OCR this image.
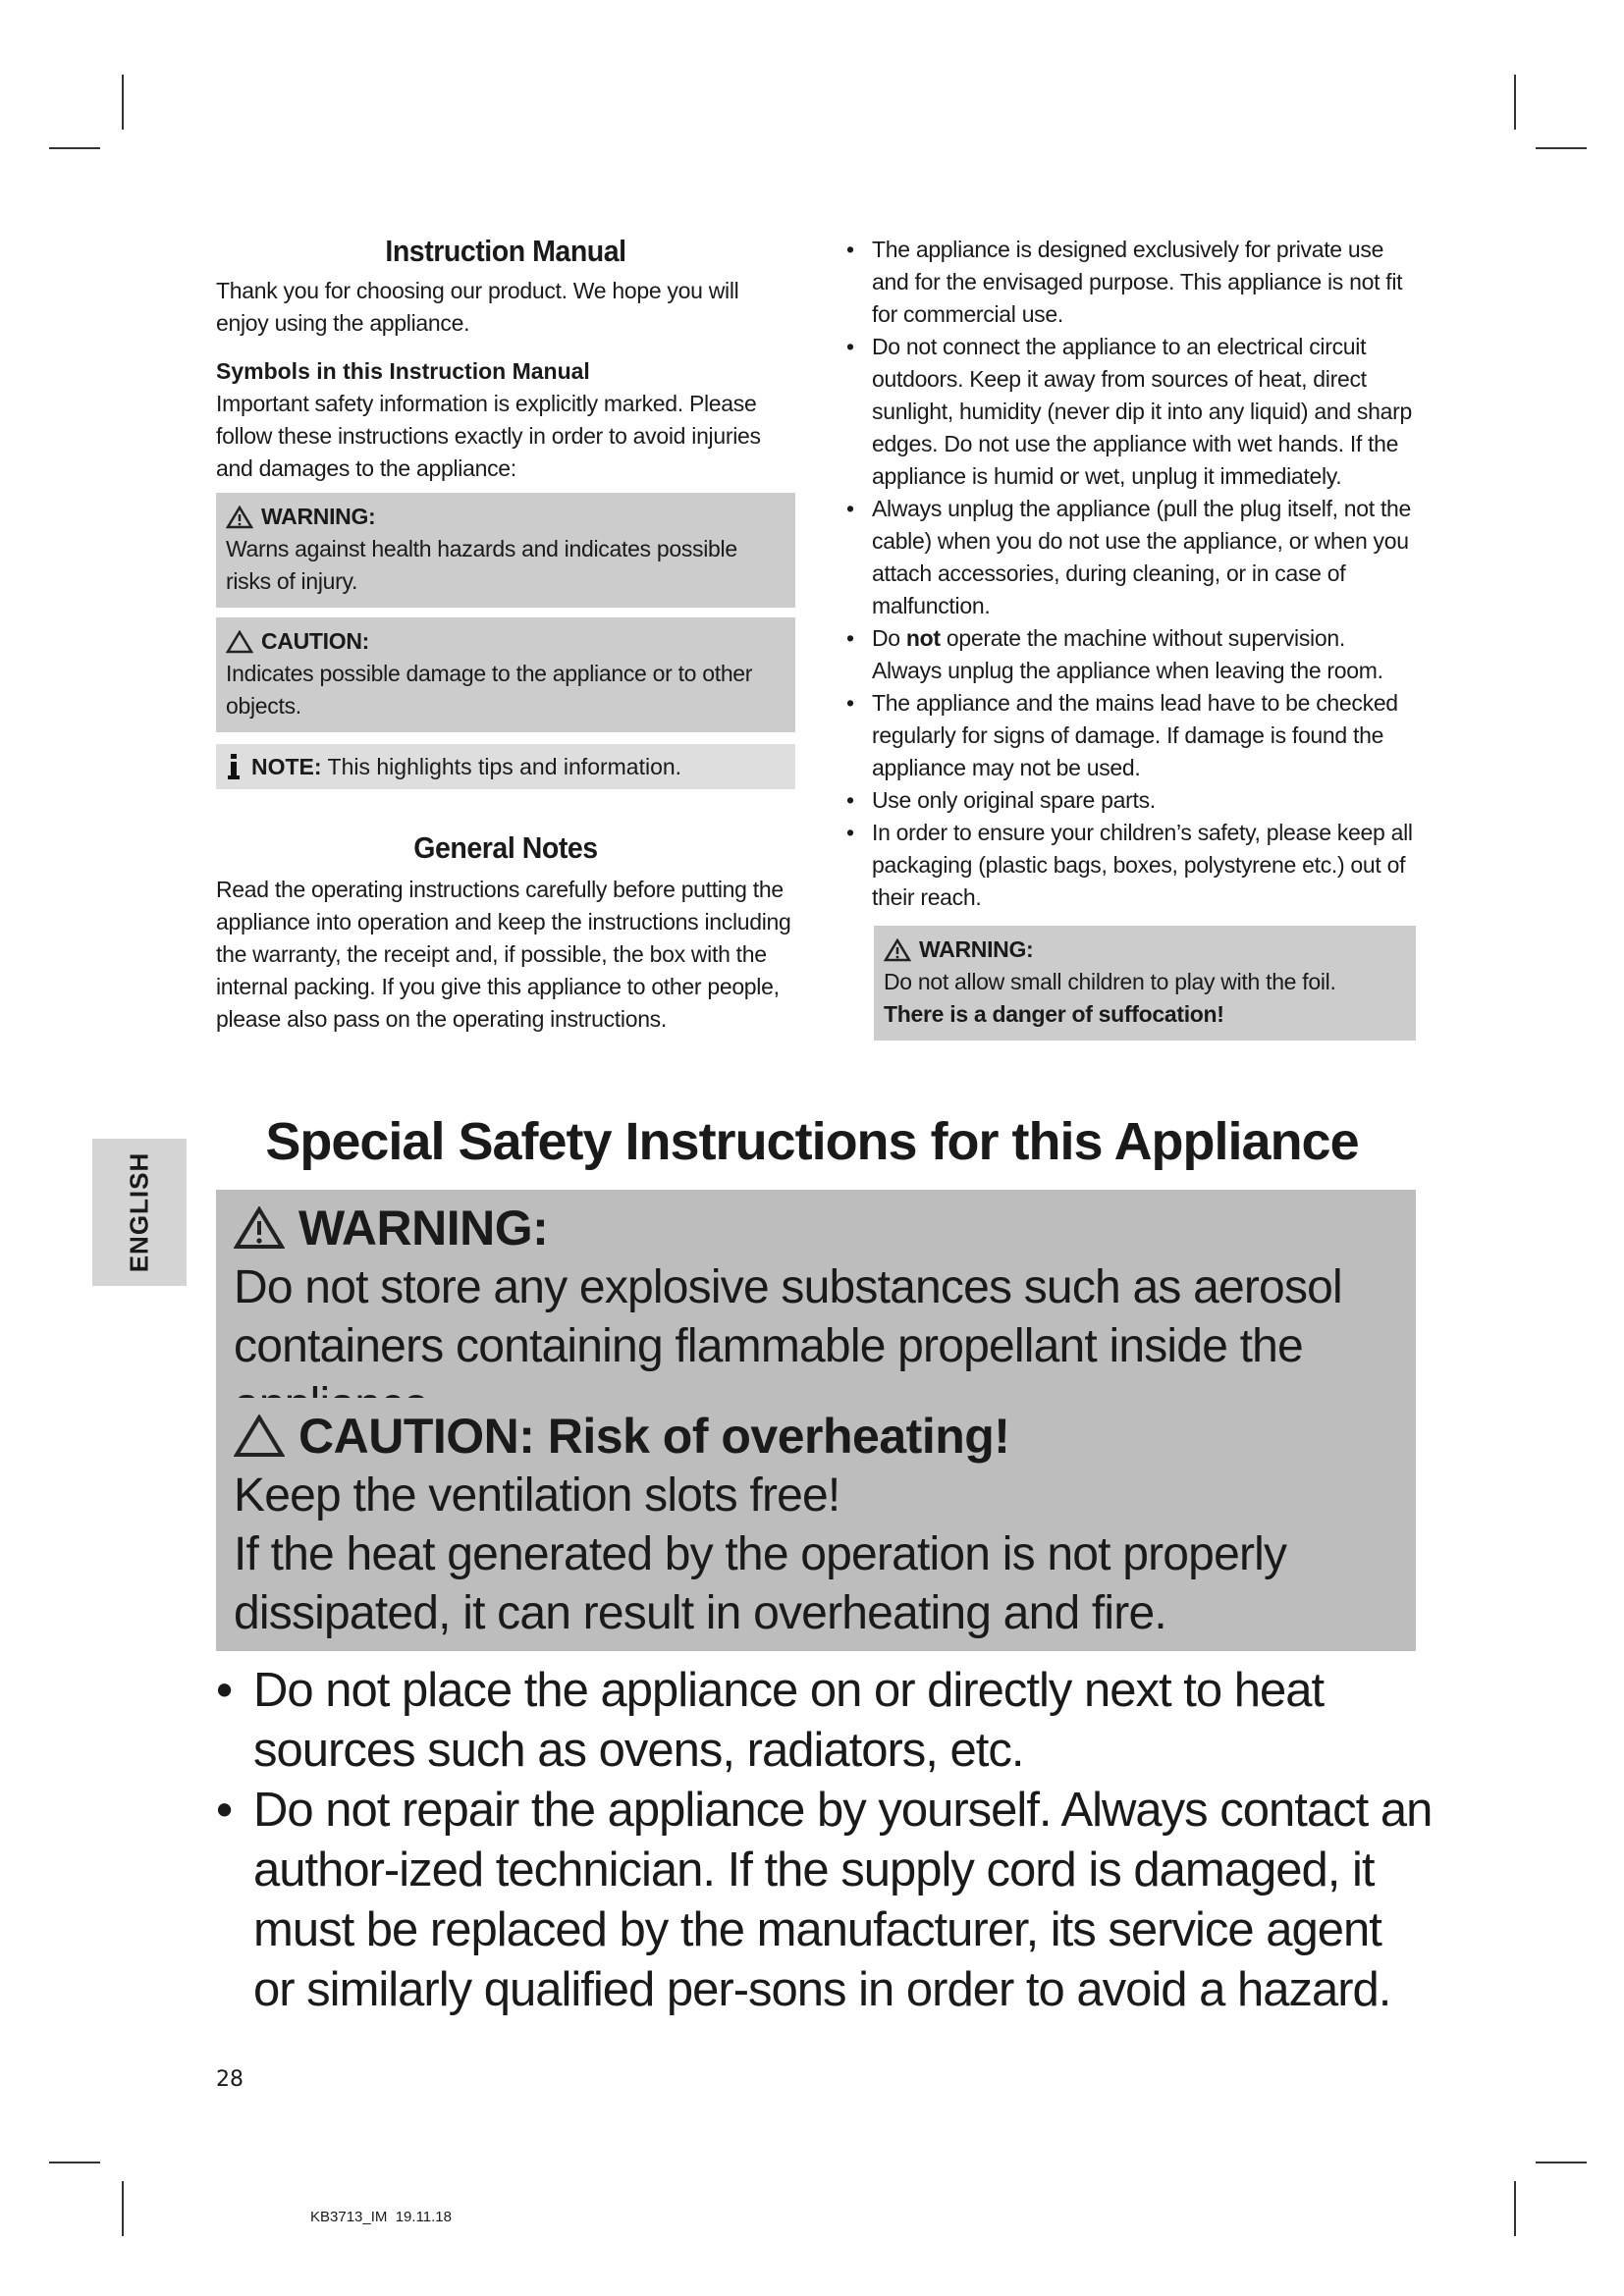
Instruction Manual

Thank you for choosing our product. We hope you will enjoy using the appliance.

Symbols in this Instruction Manual

Important safety information is explicitly marked. Please follow these instructions exactly in order to avoid injuries and damages to the appliance:

WARNING:
Warns against health hazards and indicates possible risks of injury.
CAUTION:
Indicates possible damage to the appliance or to other objects.
NOTE: This highlights tips and information.
General Notes

Read the operating instructions carefully before putting the appliance into operation and keep the instructions including the warranty, the receipt and, if possible, the box with the internal packing. If you give this appliance to other people, please also pass on the operating instructions.

• The appliance is designed exclusively for private use and for the envisaged purpose. This appliance is not fit for commercial use.
• Do not connect the appliance to an electrical circuit outdoors. Keep it away from sources of heat, direct sunlight, humidity (never dip it into any liquid) and sharp edges. Do not use the appliance with wet hands. If the appliance is humid or wet, unplug it immediately.
• Always unplug the appliance (pull the plug itself, not the cable) when you do not use the appliance, or when you attach accessories, during cleaning, or in case of malfunction.
• Do not operate the machine without supervision. Always unplug the appliance when leaving the room.
• The appliance and the mains lead have to be checked regularly for signs of damage. If damage is found the appliance may not be used.
• Use only original spare parts.
• In order to ensure your children’s safety, please keep all packaging (plastic bags, boxes, polystyrene etc.) out of their reach.
WARNING:
Do not allow small children to play with the foil.
There is a danger of suffocation!
ENGLISH
Special Safety Instructions for this Appliance
WARNING:
Do not store any explosive substances such as aerosol containers containing flammable propellant inside the
CAUTION: Risk of overheating!
Keep the ventilation slots free!
If the heat generated by the operation is not properly dissipated, it can result in overheating and fire.
• Do not place the appliance on or directly next to heat sources such as ovens, radiators, etc.
• Do not repair the appliance by yourself. Always contact an author-ized technician. If the supply cord is damaged, it must be replaced by the manufacturer, its service agent or similarly qualified per-sons in order to avoid a hazard.
28
KB3713_IM  19.11.18
